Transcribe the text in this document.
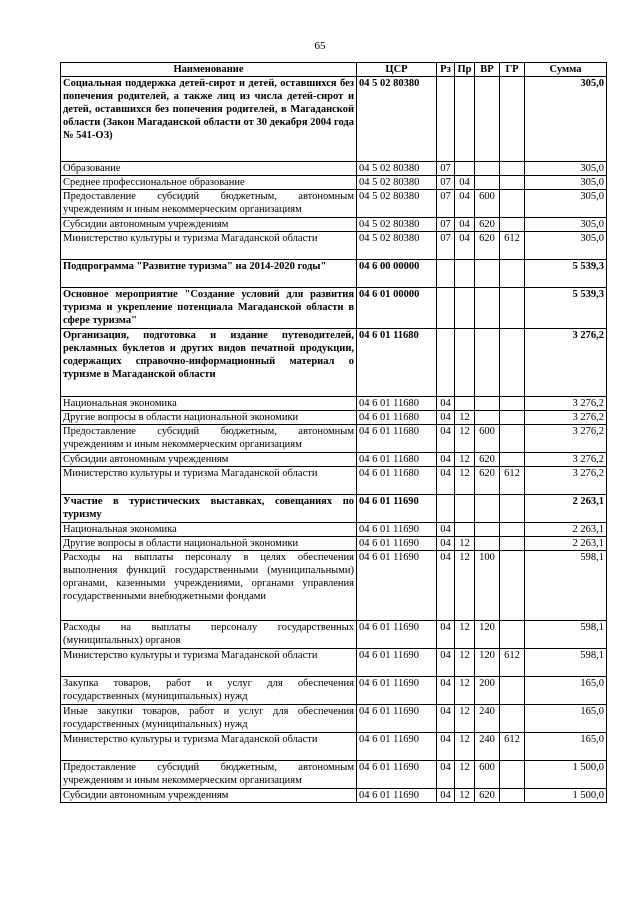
65
Наименование	ЦСР	Рз	Пр	ВР	ГР	Сумма
Социальная поддержка детей-сирот и детей, оставшихся без попечения родителей, а также лиц из числа детей-сирот и детей, оставшихся без попечения родителей, в Магаданской области (Закон Магаданской области от 30 декабря 2004 года № 541-ОЗ)	04 5 02 80380					305,0
Образование	04 5 02 80380	07				305,0
Среднее профессиональное образование	04 5 02 80380	07	04			305,0
Предоставление субсидий бюджетным, автономным учреждениям и иным некоммерческим организациям	04 5 02 80380	07	04	600		305,0
Субсидии автономным учреждениям	04 5 02 80380	07	04	620		305,0
Министерство культуры и туризма Магаданской области	04 5 02 80380	07	04	620	612	305,0
Подпрограмма "Развитие туризма" на 2014-2020 годы"	04 6 00 00000					5 539,3
Основное мероприятие "Создание условий для развития туризма и укрепление потенциала Магаданской области в сфере туризма"	04 6 01 00000					5 539,3
Организация, подготовка и издание путеводителей, рекламных буклетов и других видов печатной продукции, содержащих справочно-информационный материал о туризме в Магаданской области	04 6 01 11680					3 276,2
Национальная экономика	04 6 01 11680	04				3 276,2
Другие вопросы в области национальной экономики	04 6 01 11680	04	12			3 276,2
Предоставление субсидий бюджетным, автономным учреждениям и иным некоммерческим организациям	04 6 01 11680	04	12	600		3 276,2
Субсидии автономным учреждениям	04 6 01 11680	04	12	620		3 276,2
Министерство культуры и туризма Магаданской области	04 6 01 11680	04	12	620	612	3 276,2
Участие в туристических выставках, совещаниях по туризму	04 6 01 11690					2 263,1
Национальная экономика	04 6 01 11690	04				2 263,1
Другие вопросы в области национальной экономики	04 6 01 11690	04	12			2 263,1
Расходы на выплаты персоналу в целях обеспечения выполнения функций государственными (муниципальными) органами, казенными учреждениями, органами управления государственными внебюджетными фондами	04 6 01 11690	04	12	100		598,1
Расходы на выплаты персоналу государственных (муниципальных) органов	04 6 01 11690	04	12	120		598,1
Министерство культуры и туризма Магаданской области	04 6 01 11690	04	12	120	612	598,1
Закупка товаров, работ и услуг для обеспечения государственных (муниципальных) нужд	04 6 01 11690	04	12	200		165,0
Иные закупки товаров, работ и услуг для обеспечения государственных (муниципальных) нужд	04 6 01 11690	04	12	240		165,0
Министерство культуры и туризма Магаданской области	04 6 01 11690	04	12	240	612	165,0
Предоставление субсидий бюджетным, автономным учреждениям и иным некоммерческим организациям	04 6 01 11690	04	12	600		1 500,0
Субсидии автономным учреждениям	04 6 01 11690	04	12	620		1 500,0
